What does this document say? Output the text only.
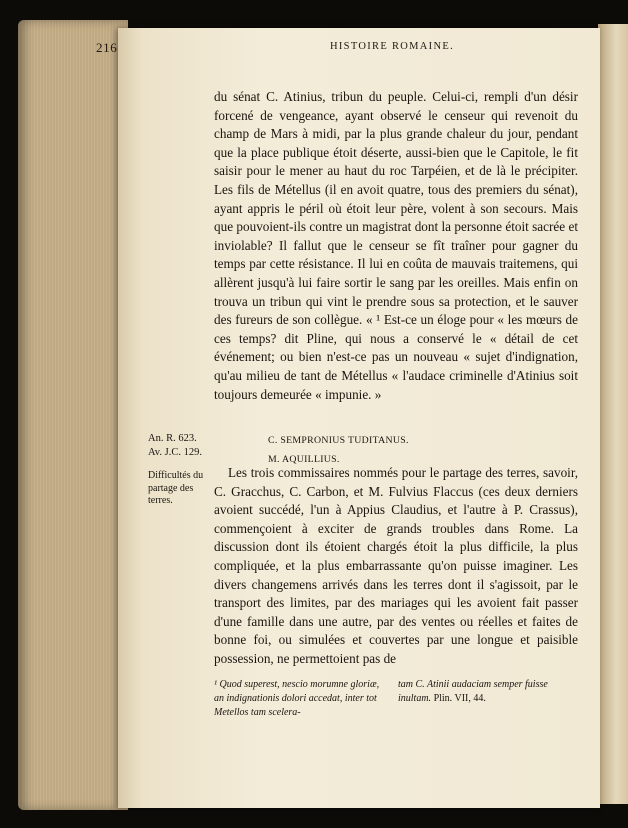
216	HISTOIRE ROMAINE.

du sénat C. Atinius, tribun du peuple. Celui-ci, rempli d'un désir forcené de vengeance, ayant observé le censeur qui revenoit du champ de Mars à midi, par la plus grande chaleur du jour, pendant que la place publique étoit déserte, aussi-bien que le Capitole, le fit saisir pour le mener au haut du roc Tarpéien, et de là le précipiter. Les fils de Métellus (il en avoit quatre, tous des premiers du sénat), ayant appris le péril où étoit leur père, volent à son secours. Mais que pouvoient-ils contre un magistrat dont la personne étoit sacrée et inviolable? Il fallut que le censeur se fît traîner pour gagner du temps par cette résistance. Il lui en coûta de mauvais traitemens, qui allèrent jusqu'à lui faire sortir le sang par les oreilles. Mais enfin on trouva un tribun qui vint le prendre sous sa protection, et le sauver des fureurs de son collègue. « ¹ Est-ce un éloge pour « les mœurs de ces temps? dit Pline, qui nous a conservé le « détail de cet événement; ou bien n'est-ce pas un nouveau « sujet d'indignation, qu'au milieu de tant de Métellus « l'audace criminelle d'Atinius soit toujours demeurée « impunie. »

An. R. 623.
Av. J.C. 129.
C. SEMPRONIUS TUDITANUS.
M. AQUILLIUS.
Difficultés du partage des terres.

Les trois commissaires nommés pour le partage des terres, savoir, C. Gracchus, C. Carbon, et M. Fulvius Flaccus (ces deux derniers avoient succédé, l'un à Appius Claudius, et l'autre à P. Crassus), commençoient à exciter de grands troubles dans Rome. La discussion dont ils étoient chargés étoit la plus difficile, la plus compliquée, et la plus embarrassante qu'on puisse imaginer. Les divers changemens arrivés dans les terres dont il s'agissoit, par le transport des limites, par des mariages qui les avoient fait passer d'une famille dans une autre, par des ventes ou réelles et faites de bonne foi, ou simulées et couvertes par une longue et paisible possession, ne permettoient pas de

¹ Quod superest, nescio morumne gloriæ, an indignationis dolori accedat, inter tot Metellos tam scelera-
tam C. Atinii audaciam semper fuisse inultam. Plin. VII, 44.
